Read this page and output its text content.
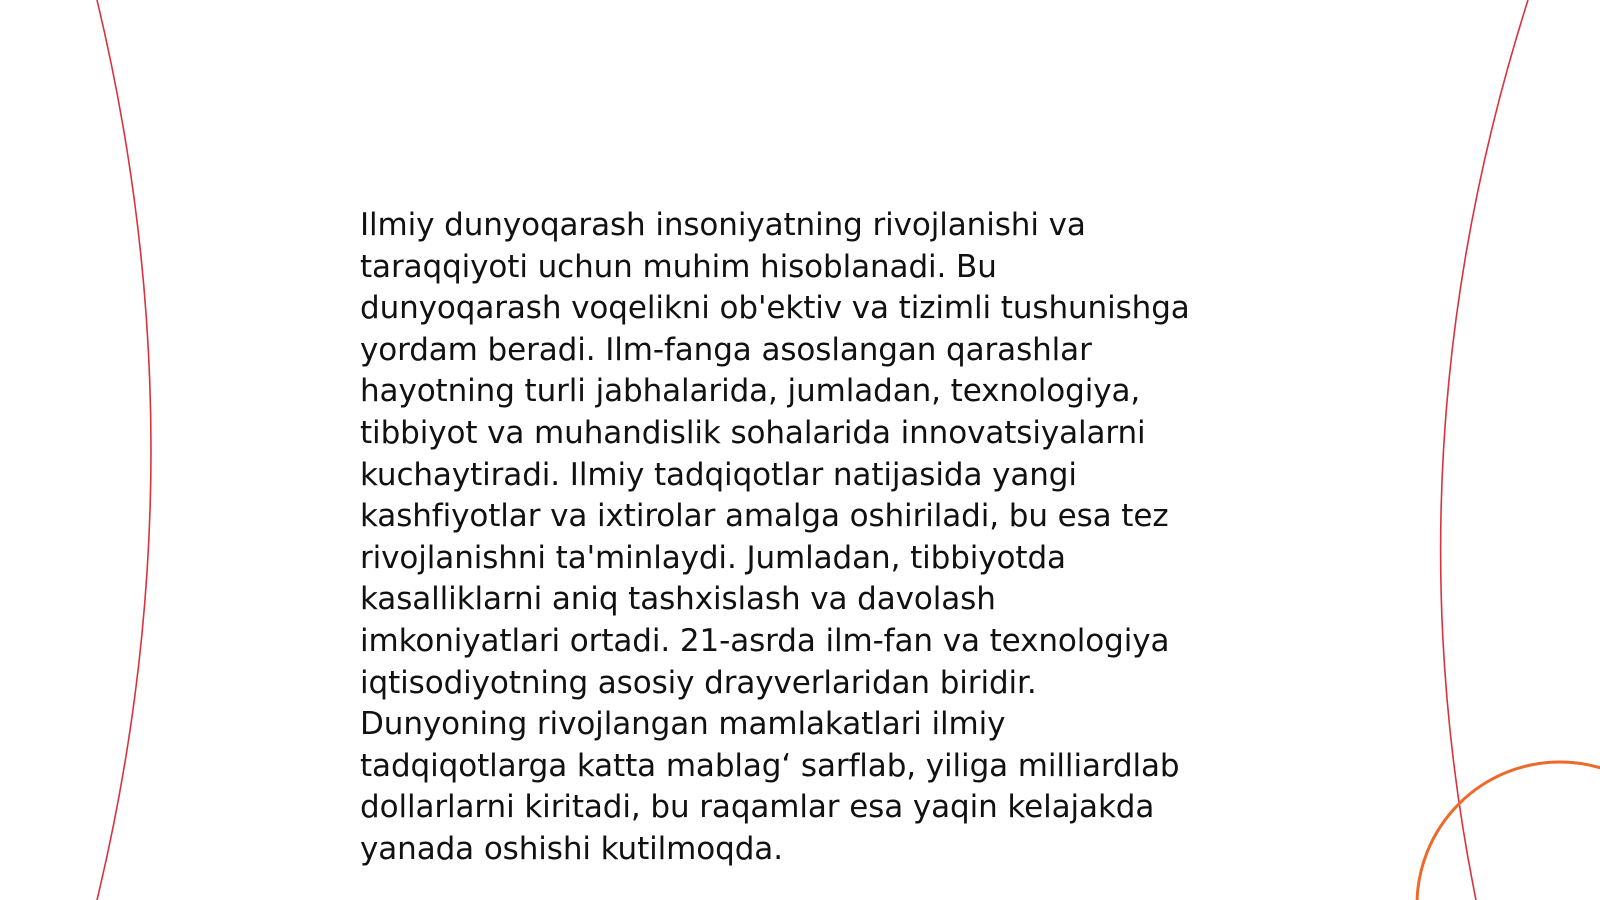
Ilmiy dunyoqarash insoniyatning rivojlanishi va
taraqqiyoti uchun muhim hisoblanadi. Bu
dunyoqarash voqelikni ob'ektiv va tizimli tushunishga
yordam beradi. Ilm-fanga asoslangan qarashlar
hayotning turli jabhalarida, jumladan, texnologiya,
tibbiyot va muhandislik sohalarida innovatsiyalarni
kuchaytiradi. Ilmiy tadqiqotlar natijasida yangi
kashfiyotlar va ixtirolar amalga oshiriladi, bu esa tez
rivojlanishni ta'minlaydi. Jumladan, tibbiyotda
kasalliklarni aniq tashxislash va davolash
imkoniyatlari ortadi. 21-asrda ilm-fan va texnologiya
iqtisodiyotning asosiy drayverlaridan biridir.
Dunyoning rivojlangan mamlakatlari ilmiy
tadqiqotlarga katta mablag‘ sarflab, yiliga milliardlab
dollarlarni kiritadi, bu raqamlar esa yaqin kelajakda
yanada oshishi kutilmoqda.
